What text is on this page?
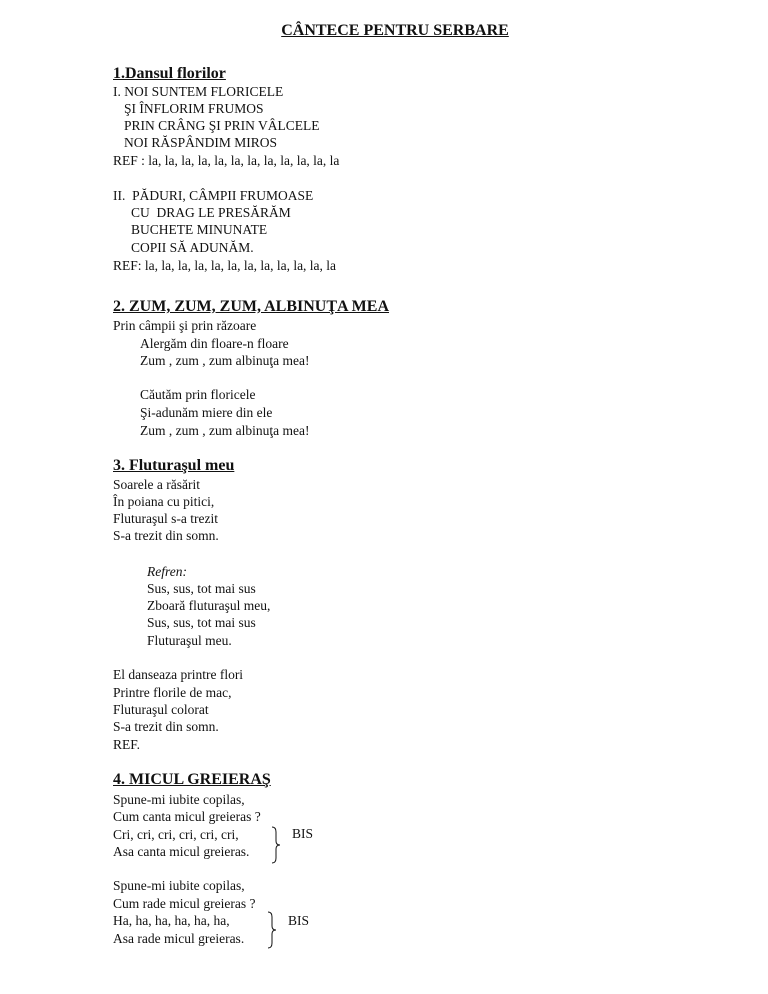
CÂNTECE PENTRU SERBARE
1.Dansul florilor
I. NOI SUNTEM FLORICELE
ŞI ÎNFLORIM FRUMOS
PRIN CRÂNG ŞI PRIN VÂLCELE
NOI RĂSPÂNDIM MIROS
REF : la, la, la, la, la, la, la, la, la, la, la, la
II.  PĂDURI, CÂMPII FRUMOASE
CU  DRAG LE PRESĂRĂM
BUCHETE MINUNATE
COPII SĂ ADUNĂM.
REF: la, la, la, la, la, la, la, la, la, la, la, la
2. ZUM, ZUM, ZUM, ALBINUŢA MEA
Prin câmpii şi prin răzoare
Alergăm din floare-n floare
Zum , zum , zum albinuţa mea!
Căutăm prin floricele
Şi-adunăm miere din ele
Zum , zum , zum albinuţa mea!
3. Fluturaşul meu
Soarele a răsărit
În poiana cu pitici,
Fluturaşul s-a trezit
S-a trezit din somn.
Refren:
Sus, sus, tot mai sus
Zboară fluturaşul meu,
Sus, sus, tot mai sus
Fluturaşul meu.
El danseaza printre flori
Printre florile de mac,
Fluturaşul colorat
S-a trezit din somn.
REF.
4. MICUL GREIERAŞ
Spune-mi iubite copilas,
Cum canta micul greieras ?
Cri, cri, cri, cri, cri, cri,
Asa canta micul greieras.
BIS
Spune-mi iubite copilas,
Cum rade micul greieras ?
Ha, ha, ha, ha, ha, ha,
Asa rade micul greieras.
BIS
